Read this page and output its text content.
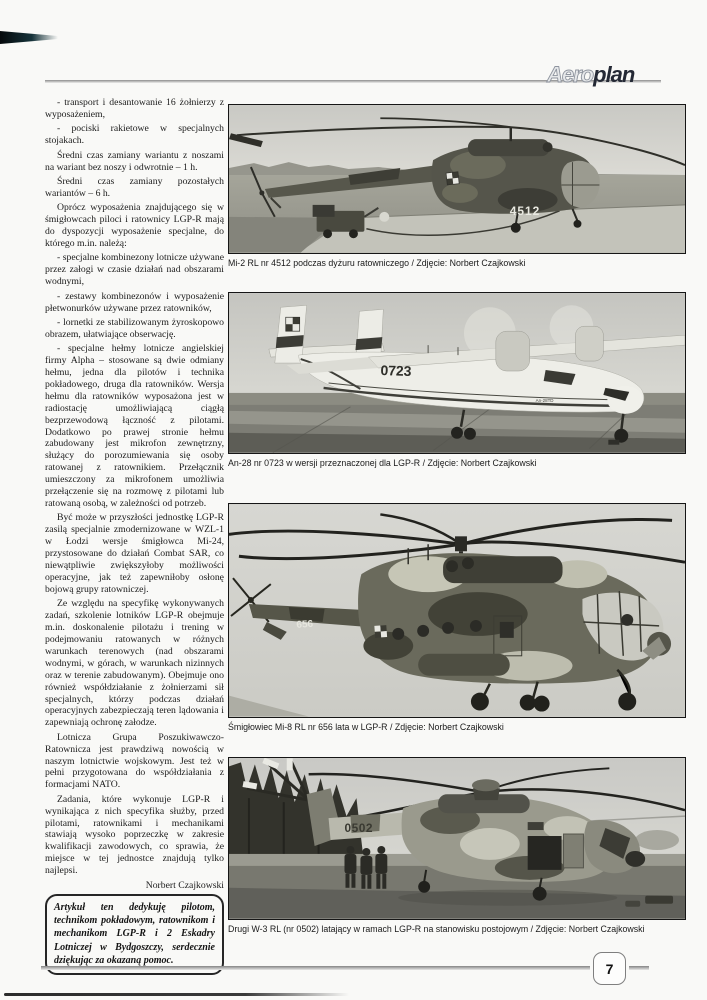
Aeroplan

- transport i desantowanie 16 żołnierzy z wyposażeniem,

- pociski rakietowe w specjalnych stojakach.

Średni czas zamiany wariantu z noszami na wariant bez noszy i odwrotnie – 1 h.

Średni czas zamiany pozostałych wariantów – 6 h.

Oprócz wyposażenia znajdującego się w śmigłowcach piloci i ratownicy LGP-R mają do dyspozycji wyposażenie specjalne, do którego m.in. należą:

- specjalne kombinezony lotnicze używane przez załogi w czasie działań nad obszarami wodnymi,

- zestawy kombinezonów i wyposażenie płetwonurków używane przez ratowników,

- lornetki ze stabilizowanym żyroskopowo obrazem, ułatwiające obserwację.

- specjalne hełmy lotnicze angielskiej firmy Alpha – stosowane są dwie odmiany hełmu, jedna dla pilotów i technika pokładowego, druga dla ratowników. Wersja hełmu dla ratowników wyposażona jest w radiostację umożliwiającą ciągłą bezprzewodową łączność z pilotami. Dodatkowo po prawej stronie hełmu zabudowany jest mikrofon zewnętrzny, służący do porozumiewania się osoby ratowanej z ratownikiem. Przełącznik umieszczony za mikrofonem umożliwia przełączenie się na rozmowę z pilotami lub ratowaną osobą, w zależności od potrzeb.

Być może w przyszłości jednostkę LGP-R zasilą specjalnie zmodernizowane w WZL-1 w Łodzi wersje śmigłowca Mi-24, przystosowane do działań Combat SAR, co niewątpliwie zwiększyłoby możliwości operacyjne, jak też zapewniłoby osłonę bojową grupy ratowniczej.

Ze względu na specyfikę wykonywanych zadań, szkolenie lotników LGP-R obejmuje m.in. doskonalenie pilotażu i trening w podejmowaniu ratowanych w różnych warunkach terenowych (nad obszarami wodnymi, w górach, w warunkach nizinnych oraz w terenie zabudowanym). Obejmuje ono również współdziałanie z żołnierzami sił specjalnych, którzy podczas działań operacyjnych zabezpieczają teren lądowania i zapewniają ochronę załodze.

Lotnicza Grupa Poszukiwawczo-Ratownicza jest prawdziwą nowością w naszym lotnictwie wojskowym. Jest też w pełni przygotowana do współdziałania z formacjami NATO.

Zadania, które wykonuje LGP-R i wynikająca z nich specyfika służby, przed pilotami, ratownikami i mechanikami stawiają wysoko poprzeczkę w zakresie kwalifikacji zawodowych, co sprawia, że miejsce w tej jednostce znajdują tylko najlepsi.

Norbert Czajkowski

Artykuł ten dedykuję pilotom, technikom pokładowym, ratownikom i mechanikom LGP-R i 2 Eskadry Lotniczej w Bydgoszczy, serdecznie dziękując za okazaną pomoc.
4512
Mi-2 RL nr 4512 podczas dyżuru ratowniczego / Zdjęcie: Norbert Czajkowski
0723
An-28TD
An-28 nr 0723 w wersji przeznaczonej dla LGP-R / Zdjęcie: Norbert Czajkowski
656
Śmigłowiec Mi-8 RL nr 656 lata w LGP-R / Zdjęcie: Norbert Czajkowski
0502
Drugi W-3 RL (nr 0502) latający w ramach LGP-R na stanowisku postojowym / Zdjęcie: Norbert Czajkowski
7
